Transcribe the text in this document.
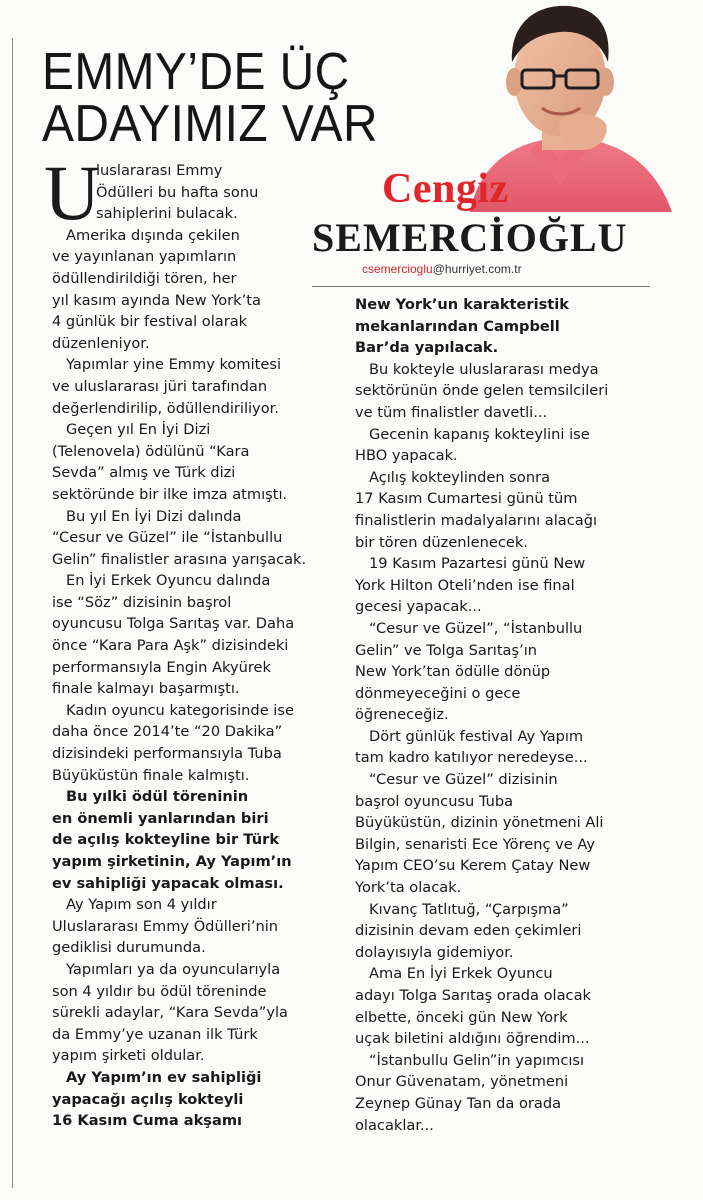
EMMY’DE ÜÇ
ADAYIMIZ VAR
Cengiz
SEMERCİOĞLU
csemercioglu@hurriyet.com.tr
U
luslararası Emmy
Ödülleri bu hafta sonu
sahiplerini bulacak.
Amerika dışında çekilen
ve yayınlanan yapımların
ödüllendirildiği tören, her
yıl kasım ayında New York’ta
4 günlük bir festival olarak
düzenleniyor.
Yapımlar yine Emmy komitesi
ve uluslararası jüri tarafından
değerlendirilip, ödüllendiriliyor.
Geçen yıl En İyi Dizi
(Telenovela) ödülünü “Kara
Sevda” almış ve Türk dizi
sektöründe bir ilke imza atmıştı.
Bu yıl En İyi Dizi dalında
“Cesur ve Güzel” ile “İstanbullu
Gelin” finalistler arasına yarışacak.
En İyi Erkek Oyuncu dalında
ise “Söz” dizisinin başrol
oyuncusu Tolga Sarıtaş var. Daha
önce “Kara Para Aşk” dizisindeki
performansıyla Engin Akyürek
finale kalmayı başarmıştı.
Kadın oyuncu kategorisinde ise
daha önce 2014’te “20 Dakika”
dizisindeki performansıyla Tuba
Büyüküstün finale kalmıştı.
Bu yılki ödül töreninin
en önemli yanlarından biri
de açılış kokteyline bir Türk
yapım şirketinin, Ay Yapım’ın
ev sahipliği yapacak olması.
Ay Yapım son 4 yıldır
Uluslararası Emmy Ödülleri’nin
gediklisi durumunda.
Yapımları ya da oyuncularıyla
son 4 yıldır bu ödül töreninde
sürekli adaylar, “Kara Sevda”yla
da Emmy’ye uzanan ilk Türk
yapım şirketi oldular.
Ay Yapım’ın ev sahipliği
yapacağı açılış kokteyli
16 Kasım Cuma akşamı
New York’un karakteristik
mekanlarından Campbell
Bar’da yapılacak.
Bu kokteyle uluslararası medya
sektörünün önde gelen temsilcileri
ve tüm finalistler davetli...
Gecenin kapanış kokteylini ise
HBO yapacak.
Açılış kokteylinden sonra
17 Kasım Cumartesi günü tüm
finalistlerin madalyalarını alacağı
bir tören düzenlenecek.
19 Kasım Pazartesi günü New
York Hilton Oteli’nden ise final
gecesi yapacak...
“Cesur ve Güzel”, “İstanbullu
Gelin” ve Tolga Sarıtaş’ın
New York’tan ödülle dönüp
dönmeyeceğini o gece
öğreneceğiz.
Dört günlük festival Ay Yapım
tam kadro katılıyor neredeyse...
“Cesur ve Güzel” dizisinin
başrol oyuncusu Tuba
Büyüküstün, dizinin yönetmeni Ali
Bilgin, senaristi Ece Yörenç ve Ay
Yapım CEO’su Kerem Çatay New
York’ta olacak.
Kıvanç Tatlıtuğ, “Çarpışma”
dizisinin devam eden çekimleri
dolayısıyla gidemiyor.
Ama En İyi Erkek Oyuncu
adayı Tolga Sarıtaş orada olacak
elbette, önceki gün New York
uçak biletini aldığını öğrendim...
“İstanbullu Gelin”in yapımcısı
Onur Güvenatam, yönetmeni
Zeynep Günay Tan da orada
olacaklar...
